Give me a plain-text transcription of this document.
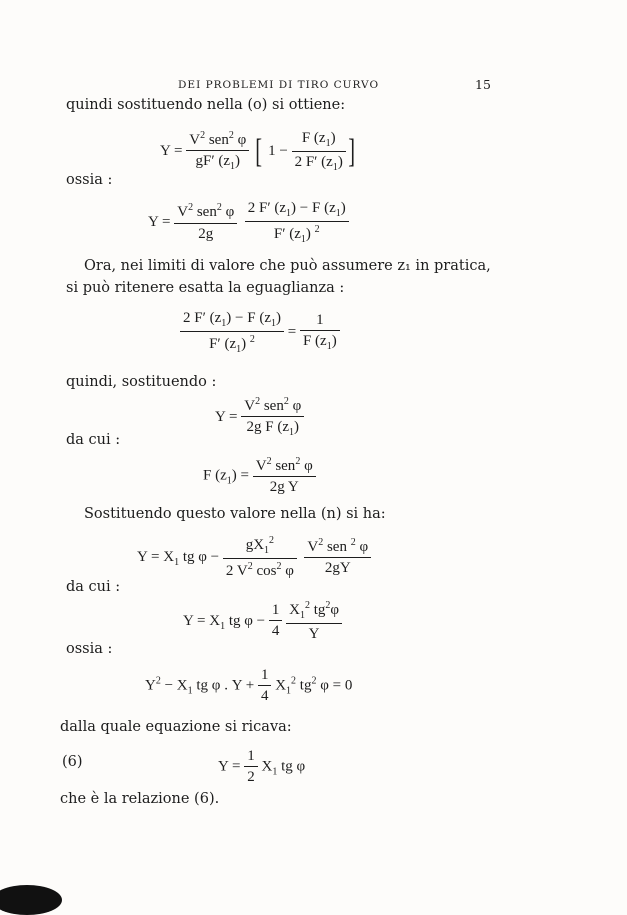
DEI PROBLEMI DI TIRO CURVO	15
quindi sostituendo nella (o) si ottiene:
$Y = \frac{V^2 sen^2 \varphi}{gF' (z_1)}$ [ $1 - \frac{F (z_1)}{2 F' (z_1)}$ ]
ossia :
$Y = \frac{V^2 sen^2 \varphi}{2g}$
$\frac{2 F' (z_1) - F (z_1)}{F' (z_1) ^2}$
Ora, nei limiti di valore che può assumere z₁ in pratica,
si può ritenere esatta la eguaglianza :
$\frac{2 F' (z_1) - F (z_1)}{F' (z_1) ^2} = \frac{1}{F (z_1)}$
quindi, sostituendo :
$Y = \frac{V^2 sen^2 \varphi}{2g F (z_1)}$
da cui :
F $(z_1) = \frac{V^2 sen^2 \varphi}{\text{2g Y}}$
Sostituendo questo valore nella (n) si ha:
$Y = X_1$ tg $\varphi - \frac{gX_1^2}{2 V^2 \cos^2 \varphi}$
$\frac{V^2 sen ^2 \varphi}{2gY}$
da cui :
$Y = X_1$ tg $\varphi - \frac{1}{4}$
$\frac{X_1^2 tg^2\varphi}{Y}$
ossia :
$Y^2 - X_1$ tg φ . $Y + \frac{1}{4} X_1^2$ $tg^2$ φ = 0
dalla quale equazione si ricava:
(6)	$Y = \frac{1}{2} X_1$ tg φ
che è la relazione (6).
